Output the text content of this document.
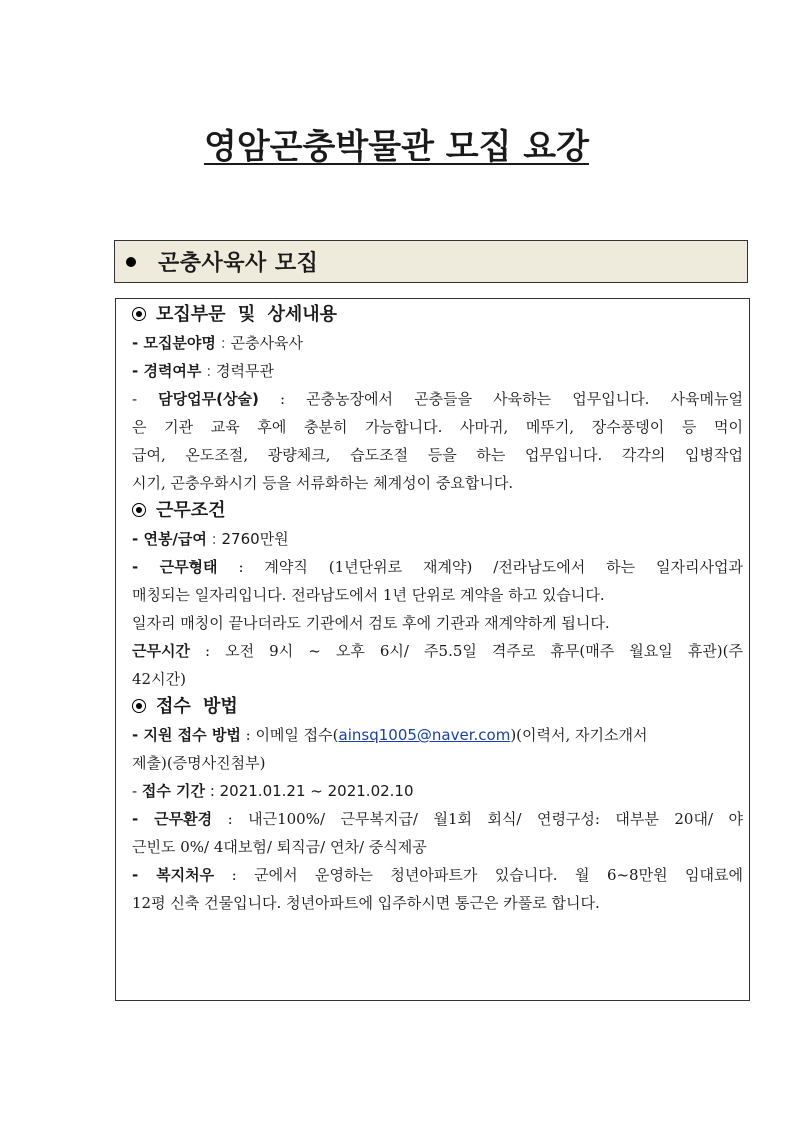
영암곤충박물관 모집 요강
곤충사육사 모집
모집부문 및 상세내용
- 모집분야명 : 곤충사육사
- 경력여부 : 경력무관
- 담당업무(상술) : 곤충농장에서 곤충들을 사육하는 업무입니다. 사육메뉴얼
은 기관 교육 후에 충분히 가능합니다. 사마귀, 메뚜기, 장수풍뎅이 등 먹이
급여, 온도조절, 광량체크, 습도조절 등을 하는 업무입니다. 각각의 입병작업
시기, 곤충우화시기 등을 서류화하는 체계성이 중요합니다.
근무조건
- 연봉/급여 : 2760만원
- 근무형태 : 계약직 (1년단위로 재계약) /전라남도에서 하는 일자리사업과
매칭되는 일자리입니다. 전라남도에서 1년 단위로 계약을 하고 있습니다.
일자리 매칭이 끝나더라도 기관에서 검토 후에 기관과 재계약하게 됩니다.
근무시간 : 오전 9시 ~ 오후 6시/ 주5.5일 격주로 휴무(매주 월요일 휴관)(주
42시간)
접수 방법
- 지원 접수 방법 : 이메일 접수(ainsq1005@naver.com)(이력서, 자기소개서
제출)(증명사진첨부)
- 접수 기간 : 2021.01.21 ~ 2021.02.10
- 근무환경 : 내근100%/ 근무복지급/ 월1회 회식/ 연령구성: 대부분 20대/ 야
근빈도 0%/ 4대보험/ 퇴직금/ 연차/ 중식제공
- 복지처우 : 군에서 운영하는 청년아파트가 있습니다. 월 6~8만원 임대료에
12평 신축 건물입니다. 청년아파트에 입주하시면 통근은 카풀로 합니다.
